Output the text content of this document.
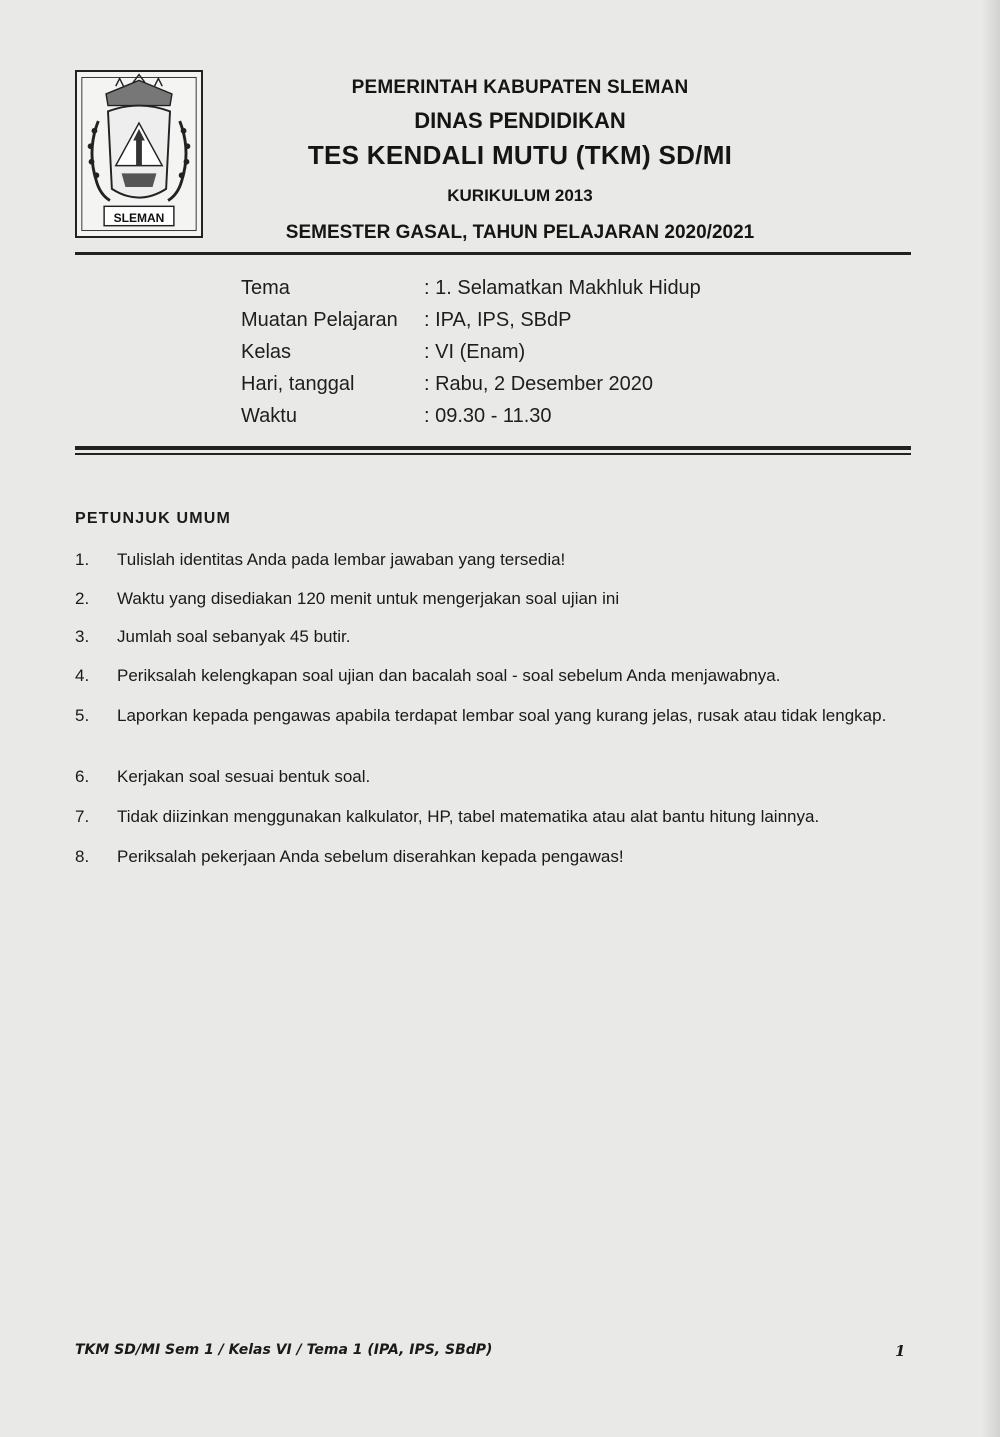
SLEMAN
PEMERINTAH KABUPATEN SLEMAN
DINAS PENDIDIKAN
TES KENDALI MUTU (TKM) SD/MI
KURIKULUM 2013
SEMESTER GASAL, TAHUN PELAJARAN 2020/2021
Tema	: 1. Selamatkan Makhluk Hidup
Muatan Pelajaran	: IPA, IPS, SBdP
Kelas	: VI (Enam)
Hari, tanggal	: Rabu, 2 Desember 2020
Waktu	: 09.30 - 11.30
PETUNJUK UMUM
1.	Tulislah identitas Anda pada lembar jawaban yang tersedia!
2.	Waktu yang disediakan 120 menit untuk mengerjakan soal ujian ini
3.	Jumlah soal sebanyak 45 butir.
4.	Periksalah kelengkapan soal ujian dan bacalah soal - soal sebelum Anda menjawabnya.
5.	Laporkan kepada pengawas apabila terdapat lembar soal yang kurang jelas, rusak atau tidak lengkap.
6.	Kerjakan soal sesuai bentuk soal.
7.	Tidak diizinkan menggunakan kalkulator, HP, tabel matematika atau alat bantu hitung lainnya.
8.	Periksalah pekerjaan Anda sebelum diserahkan kepada pengawas!
TKM SD/MI Sem 1 / Kelas VI / Tema 1 (IPA, IPS, SBdP)	1
